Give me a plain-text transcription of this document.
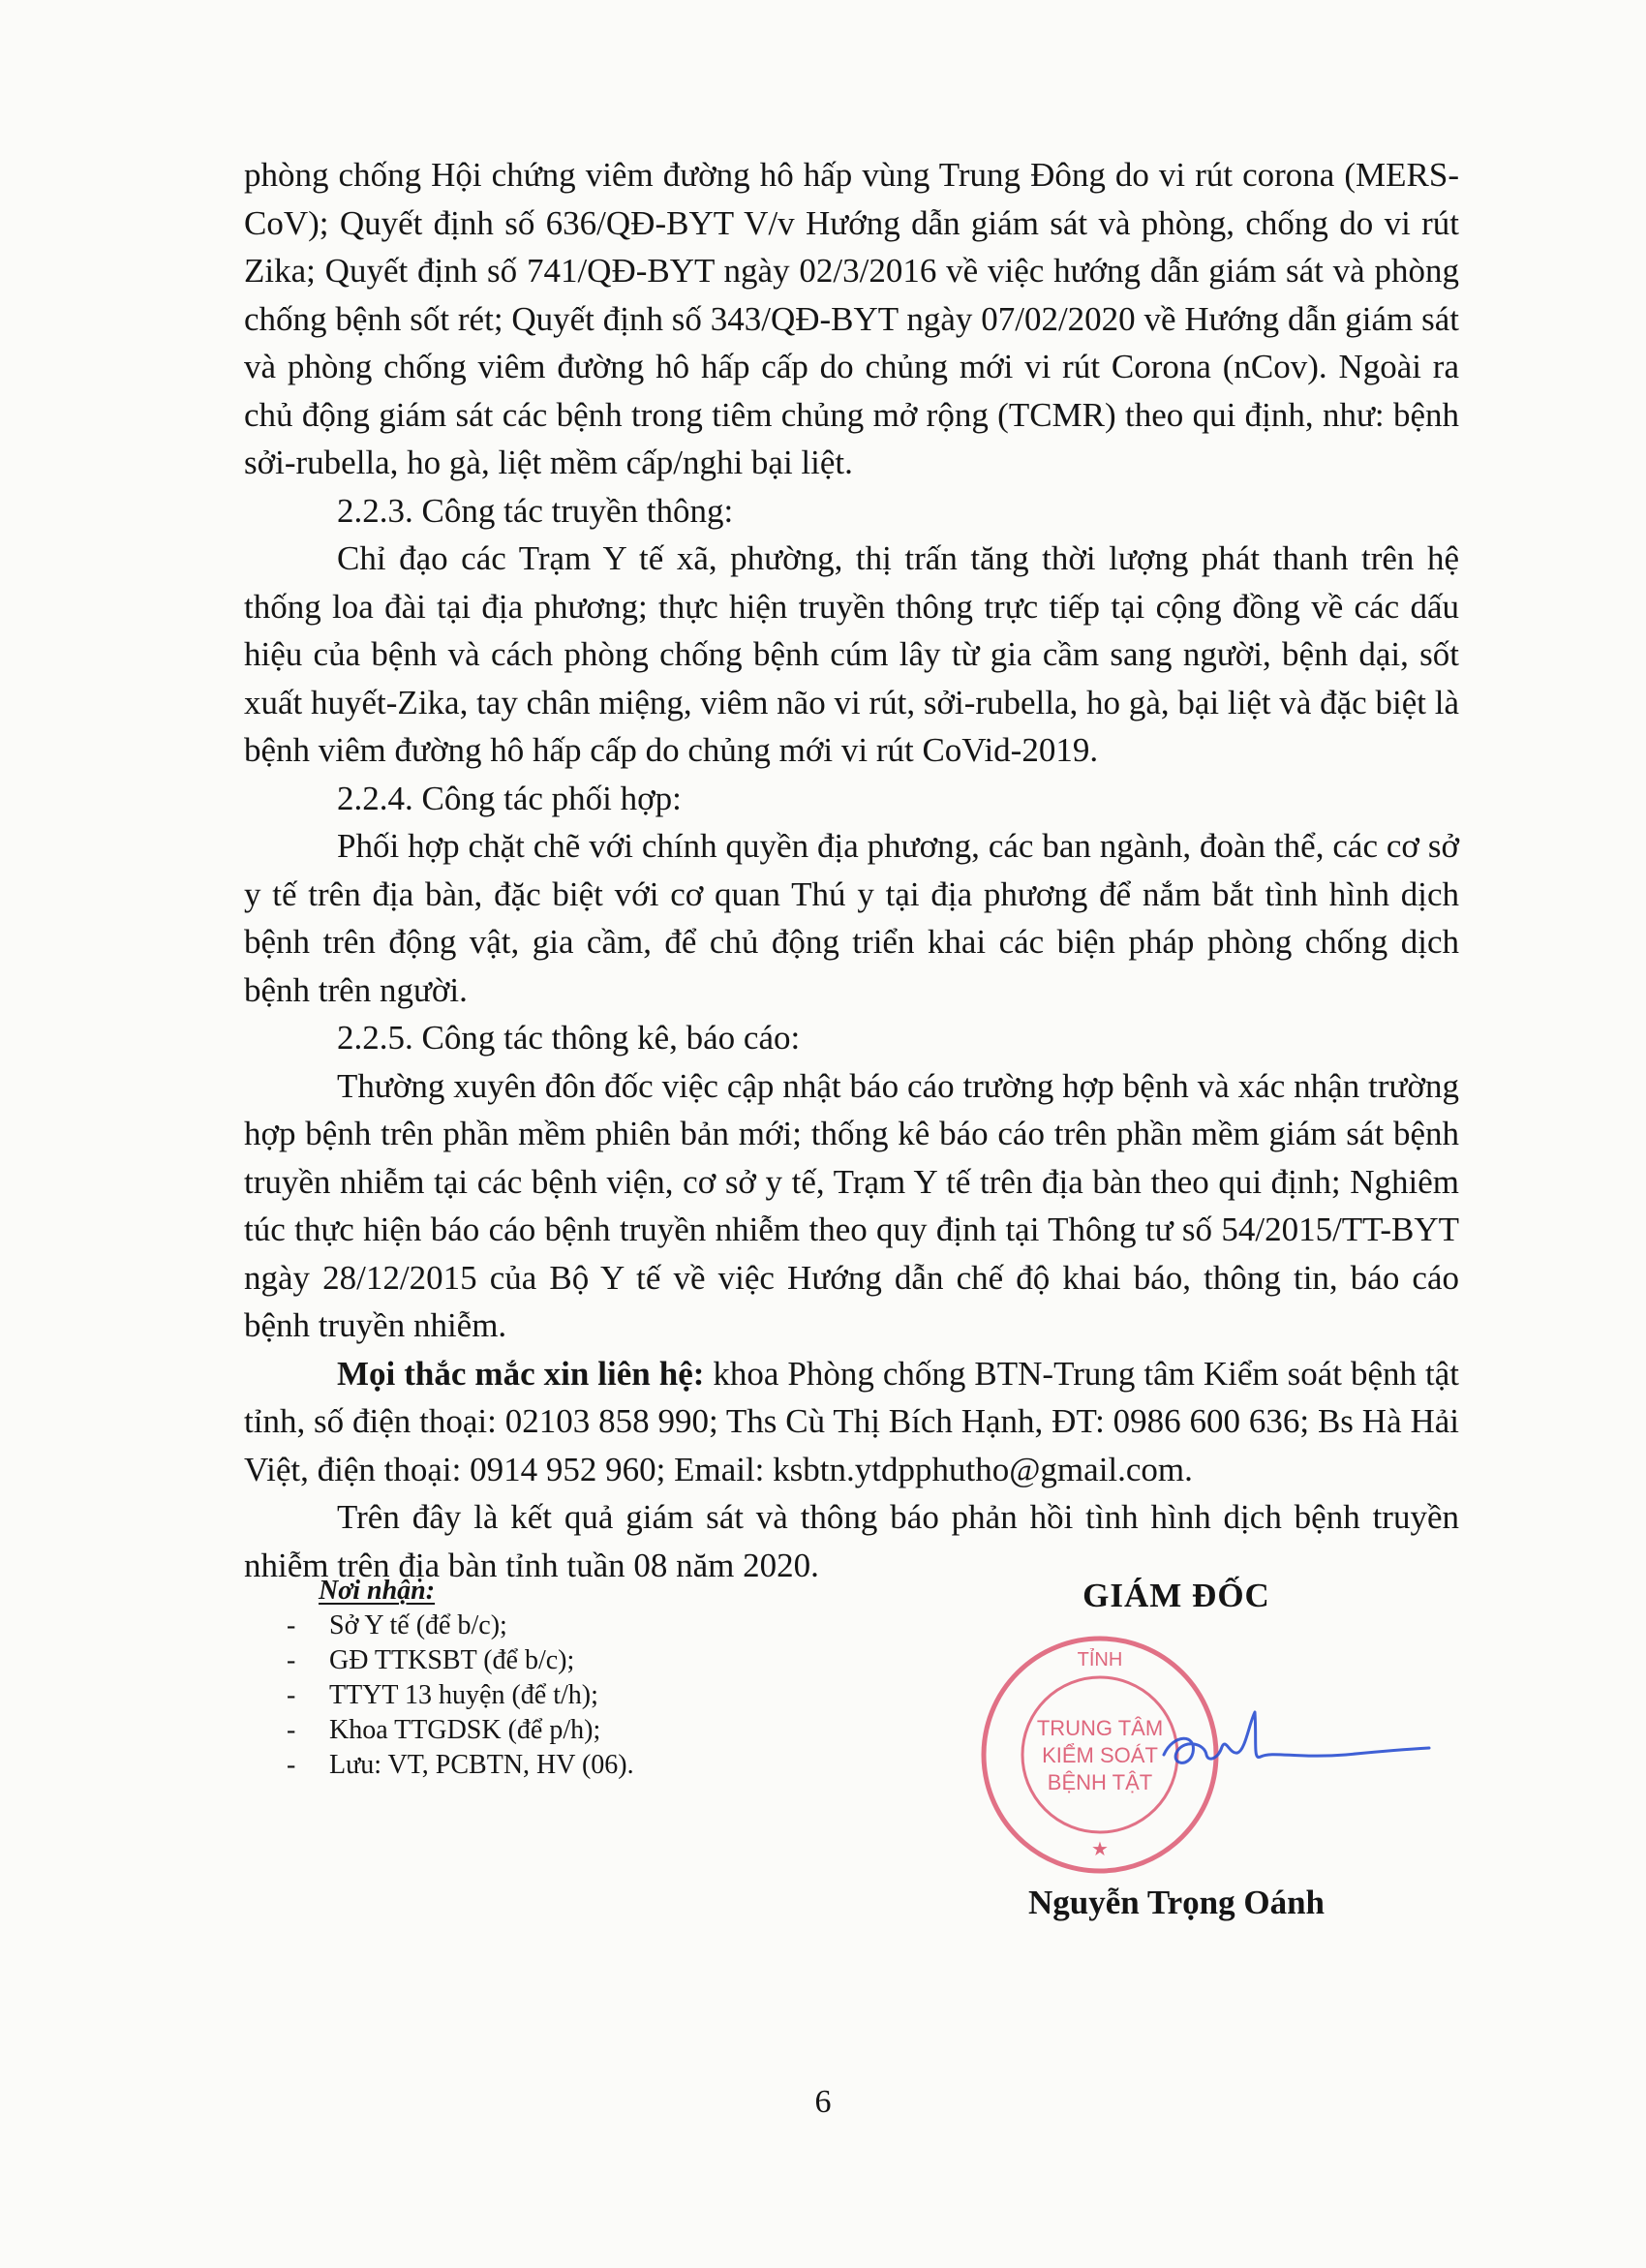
phòng chống Hội chứng viêm đường hô hấp vùng Trung Đông do vi rút corona (MERS-CoV); Quyết định số 636/QĐ-BYT V/v Hướng dẫn giám sát và phòng, chống do vi rút Zika; Quyết định số 741/QĐ-BYT ngày 02/3/2016 về việc hướng dẫn giám sát và phòng chống bệnh sốt rét; Quyết định số 343/QĐ-BYT ngày 07/02/2020 về Hướng dẫn giám sát và phòng chống viêm đường hô hấp cấp do chủng mới vi rút Corona (nCov). Ngoài ra chủ động giám sát các bệnh trong tiêm chủng mở rộng (TCMR) theo qui định, như: bệnh sởi-rubella, ho gà, liệt mềm cấp/nghi bại liệt.

2.2.3. Công tác truyền thông:

Chỉ đạo các Trạm Y tế xã, phường, thị trấn tăng thời lượng phát thanh trên hệ thống loa đài tại địa phương; thực hiện truyền thông trực tiếp tại cộng đồng về các dấu hiệu của bệnh và cách phòng chống bệnh cúm lây từ gia cầm sang người, bệnh dại, sốt xuất huyết-Zika, tay chân miệng, viêm não vi rút, sởi-rubella, ho gà, bại liệt và đặc biệt là bệnh viêm đường hô hấp cấp do chủng mới vi rút CoVid-2019.

2.2.4. Công tác phối hợp:

Phối hợp chặt chẽ với chính quyền địa phương, các ban ngành, đoàn thể, các cơ sở y tế trên địa bàn, đặc biệt với cơ quan Thú y tại địa phương để nắm bắt tình hình dịch bệnh trên động vật, gia cầm, để chủ động triển khai các biện pháp phòng chống dịch bệnh trên người.

2.2.5. Công tác thông kê, báo cáo:

Thường xuyên đôn đốc việc cập nhật báo cáo trường hợp bệnh và xác nhận trường hợp bệnh trên phần mềm phiên bản mới; thống kê báo cáo trên phần mềm giám sát bệnh truyền nhiễm tại các bệnh viện, cơ sở y tế, Trạm Y tế trên địa bàn theo qui định; Nghiêm túc thực hiện báo cáo bệnh truyền nhiễm theo quy định tại Thông tư số 54/2015/TT-BYT ngày 28/12/2015 của Bộ Y tế về việc Hướng dẫn chế độ khai báo, thông tin, báo cáo bệnh truyền nhiễm.

Mọi thắc mắc xin liên hệ: khoa Phòng chống BTN-Trung tâm Kiểm soát bệnh tật tỉnh, số điện thoại: 02103 858 990; Ths Cù Thị Bích Hạnh, ĐT: 0986 600 636; Bs Hà Hải Việt, điện thoại: 0914 952 960; Email: ksbtn.ytdpphutho@gmail.com.

Trên đây là kết quả giám sát và thông báo phản hồi tình hình dịch bệnh truyền nhiễm trên địa bàn tỉnh tuần 08 năm 2020.

Nơi nhận:
- Sở Y tế (để b/c);
- GĐ TTKSBT (để b/c);
- TTYT 13 huyện (để t/h);
- Khoa TTGDSK (để p/h);
- Lưu: VT, PCBTN, HV (06).
GIÁM ĐỐC
TỈNH
TRUNG TÂM
KIỂM SOÁT
BỆNH TẬT
★
Nguyễn Trọng Oánh
6
